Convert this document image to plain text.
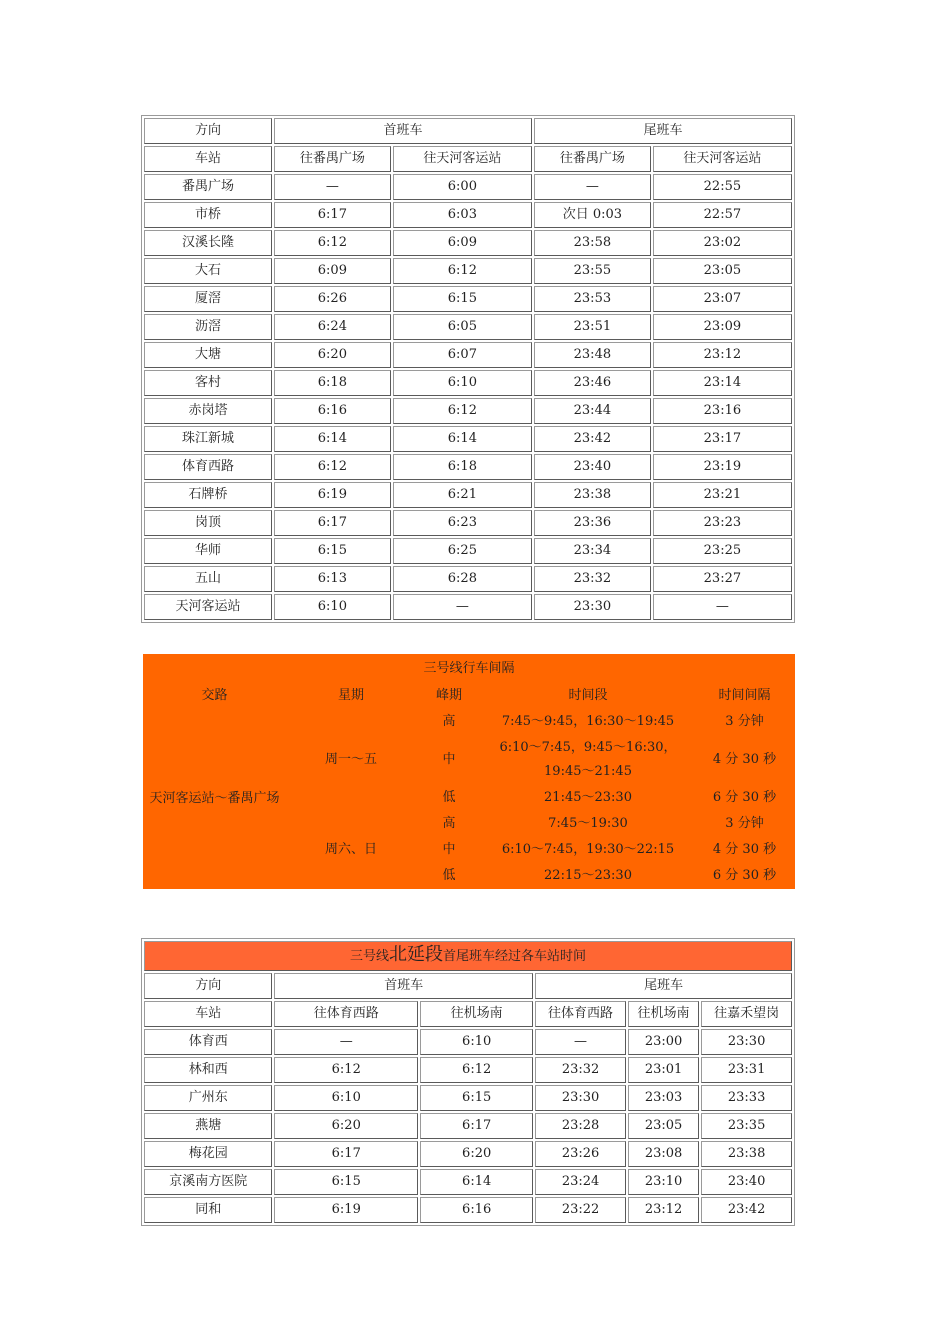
方向	首班车		尾班车	
车站	往番禺广场	往天河客运站	往番禺广场	往天河客运站
番禺广场	—	6:00	—	22:55
市桥	6:17	6:03	次日 0:03	22:57
汉溪长隆	6:12	6:09	23:58	23:02
大石	6:09	6:12	23:55	23:05
厦滘	6:26	6:15	23:53	23:07
沥滘	6:24	6:05	23:51	23:09
大塘	6:20	6:07	23:48	23:12
客村	6:18	6:10	23:46	23:14
赤岗塔	6:16	6:12	23:44	23:16
珠江新城	6:14	6:14	23:42	23:17
体育西路	6:12	6:18	23:40	23:19
石牌桥	6:19	6:21	23:38	23:21
岗顶	6:17	6:23	23:36	23:23
华师	6:15	6:25	23:34	23:25
五山	6:13	6:28	23:32	23:27
天河客运站	6:10	—	23:30	—
三号线行车间隔				
交路	星期	峰期	时间段	时间间隔
天河客运站～番禺广场	周一～五	高	7:45～9:45，16:30～19:45	3 分钟
		中	6:10～7:45，9:45～16:30，19:45～21:45	4 分 30 秒
		低	21:45～23:30	6 分 30 秒
	周六、日	高	7:45～19:30	3 分钟
		中	6:10～7:45，19:30～22:15	4 分 30 秒
		低	22:15～23:30	6 分 30 秒
三号线北延段首尾班车经过各车站时间					
方向	首班车		尾班车		
车站	往体育西路	往机场南	往体育西路	往机场南	往嘉禾望岗
体育西	—	6:10	—	23:00	23:30
林和西	6:12	6:12	23:32	23:01	23:31
广州东	6:10	6:15	23:30	23:03	23:33
燕塘	6:20	6:17	23:28	23:05	23:35
梅花园	6:17	6:20	23:26	23:08	23:38
京溪南方医院	6:15	6:14	23:24	23:10	23:40
同和	6:19	6:16	23:22	23:12	23:42
